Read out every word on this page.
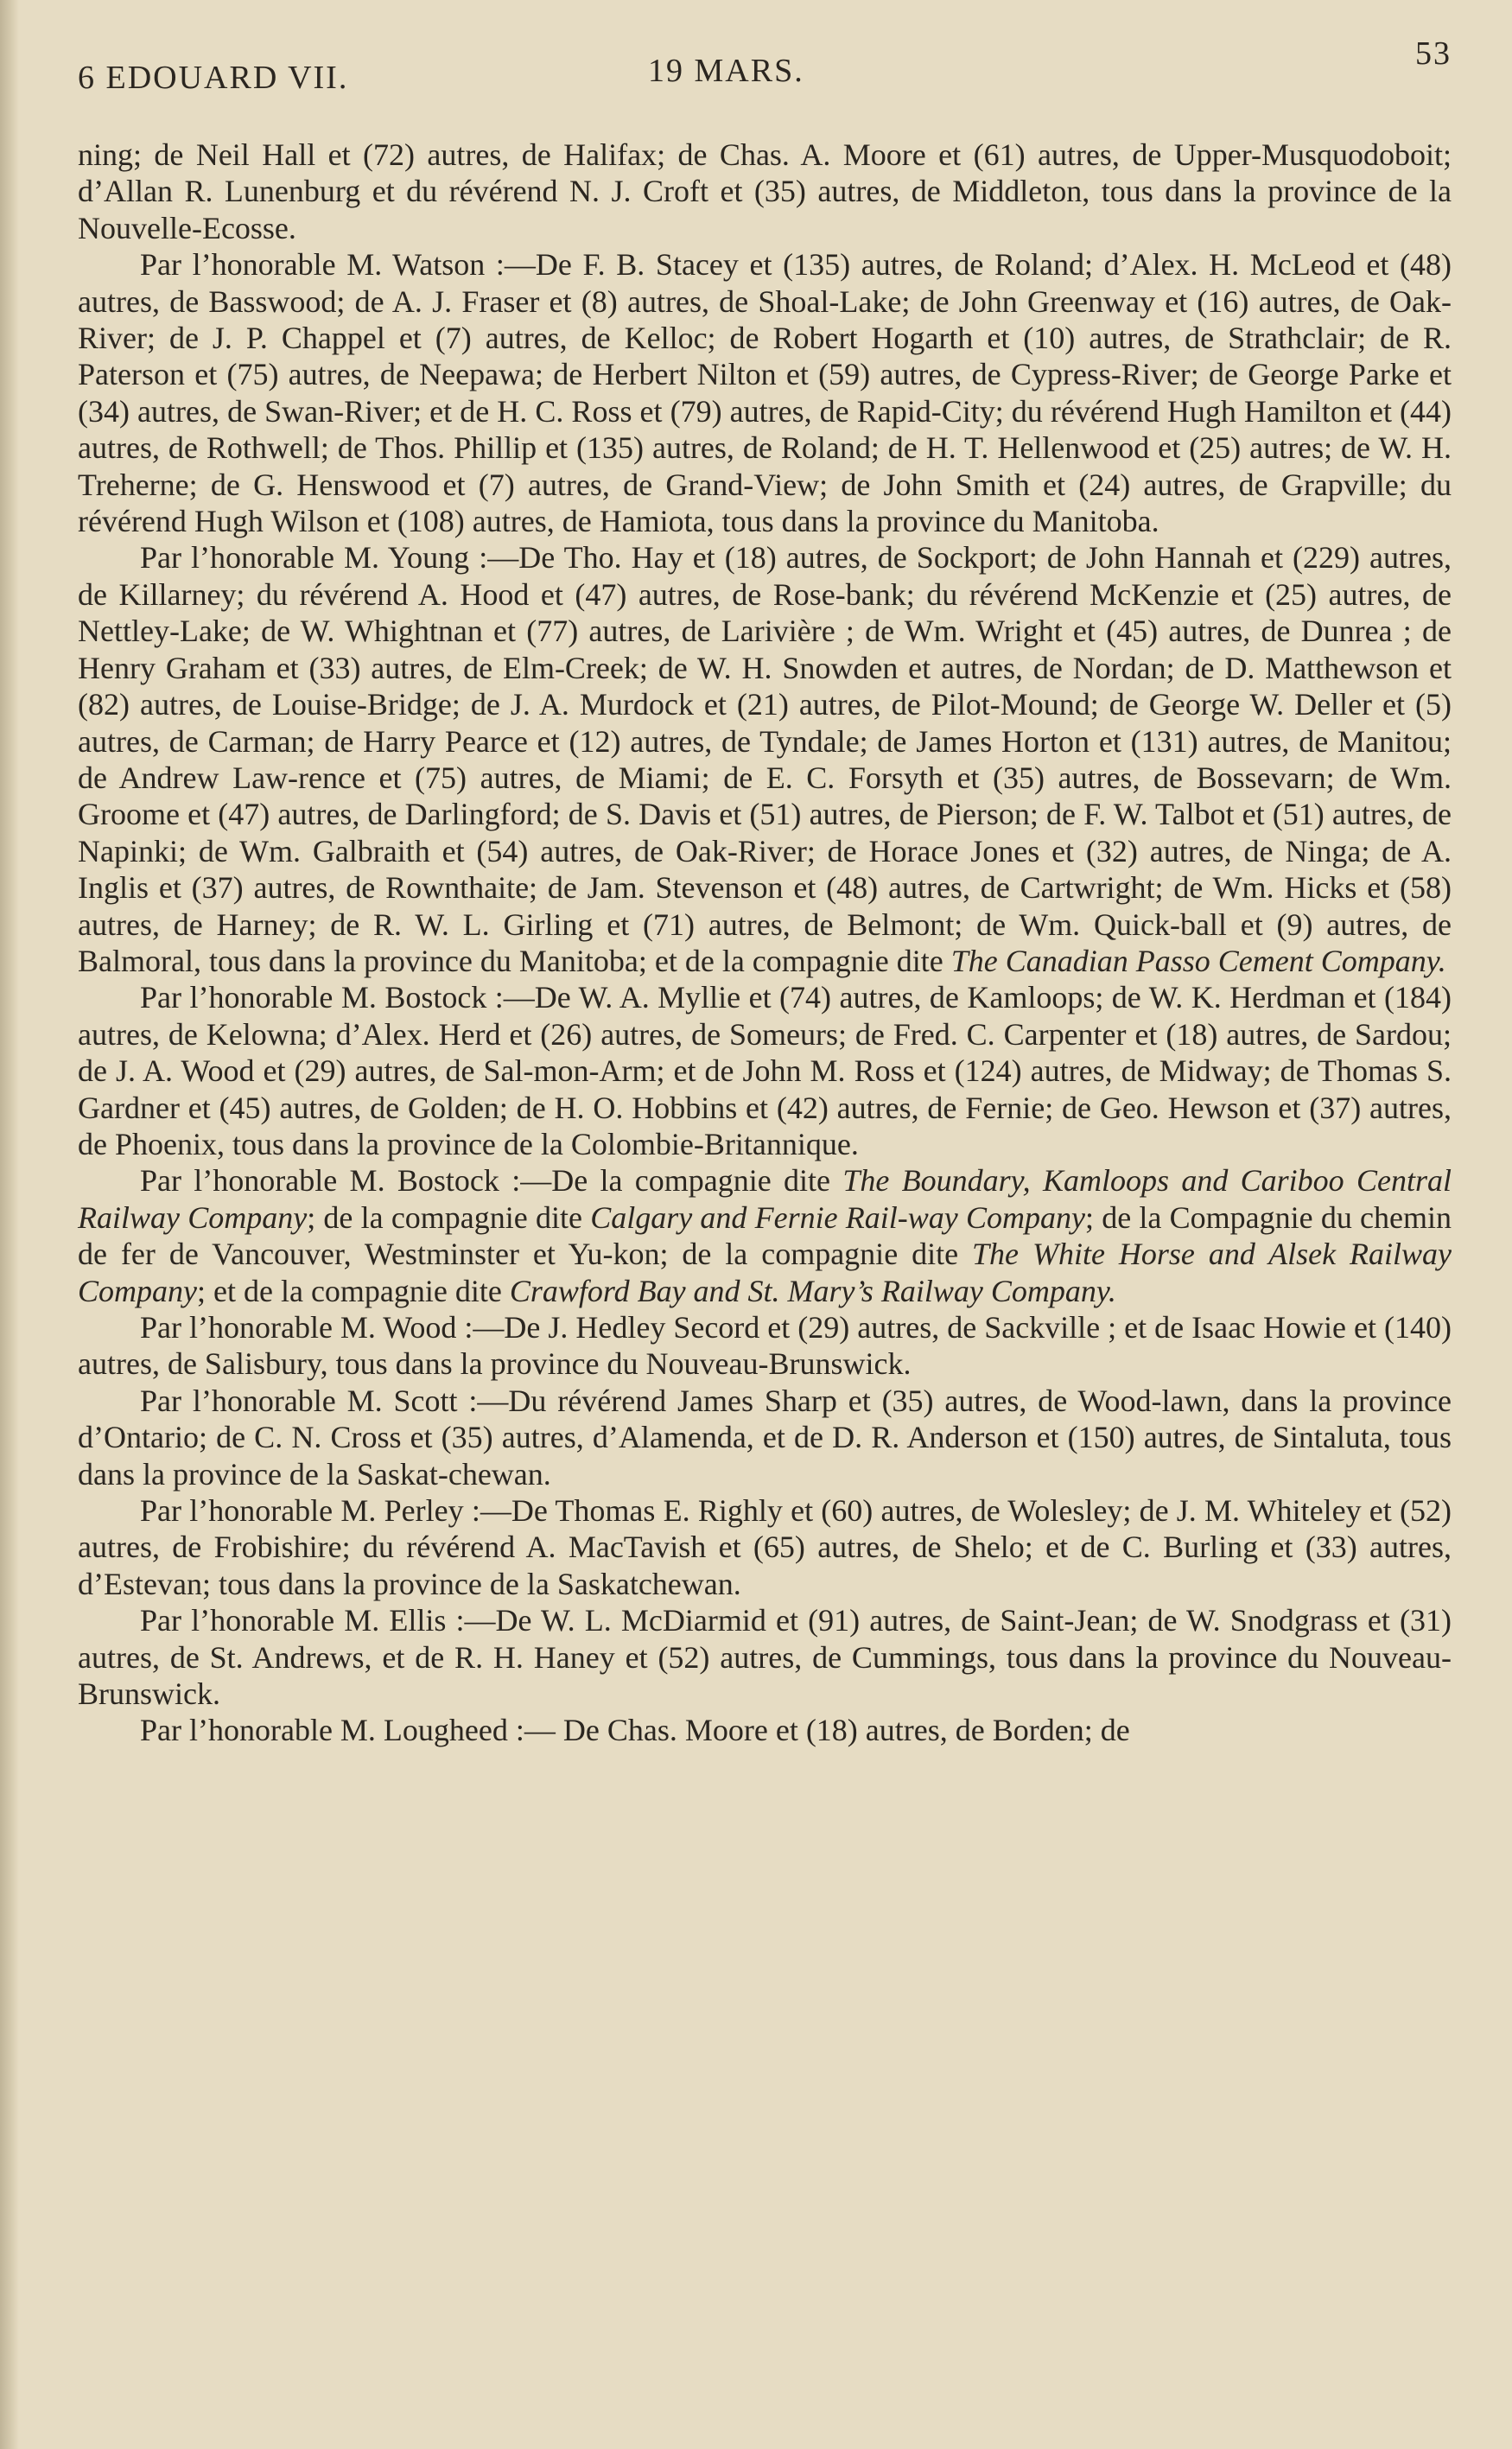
6 EDOUARD VII.	19 MARS.	53

ning; de Neil Hall et (72) autres, de Halifax; de Chas. A. Moore et (61) autres, de Upper-Musquodoboit; d’Allan R. Lunenburg et du révérend N. J. Croft et (35) autres, de Middleton, tous dans la province de la Nouvelle-Ecosse.

Par l’honorable M. Watson :—De F. B. Stacey et (135) autres, de Roland; d’Alex. H. McLeod et (48) autres, de Basswood; de A. J. Fraser et (8) autres, de Shoal-Lake; de John Greenway et (16) autres, de Oak-River; de J. P. Chappel et (7) autres, de Kelloc; de Robert Hogarth et (10) autres, de Strathclair; de R. Paterson et (75) autres, de Neepawa; de Herbert Nilton et (59) autres, de Cypress-River; de George Parke et (34) autres, de Swan-River; et de H. C. Ross et (79) autres, de Rapid-City; du révérend Hugh Hamilton et (44) autres, de Rothwell; de Thos. Phillip et (135) autres, de Roland; de H. T. Hellenwood et (25) autres; de W. H. Treherne; de G. Henswood et (7) autres, de Grand-View; de John Smith et (24) autres, de Grapville; du révérend Hugh Wilson et (108) autres, de Hamiota, tous dans la province du Manitoba.

Par l’honorable M. Young :—De Tho. Hay et (18) autres, de Sockport; de John Hannah et (229) autres, de Killarney; du révérend A. Hood et (47) autres, de Rose-bank; du révérend McKenzie et (25) autres, de Nettley-Lake; de W. Whightnan et (77) autres, de Larivière ; de Wm. Wright et (45) autres, de Dunrea ; de Henry Graham et (33) autres, de Elm-Creek; de W. H. Snowden et autres, de Nordan; de D. Matthewson et (82) autres, de Louise-Bridge; de J. A. Murdock et (21) autres, de Pilot-Mound; de George W. Deller et (5) autres, de Carman; de Harry Pearce et (12) autres, de Tyndale; de James Horton et (131) autres, de Manitou; de Andrew Law-rence et (75) autres, de Miami; de E. C. Forsyth et (35) autres, de Bossevarn; de Wm. Groome et (47) autres, de Darlingford; de S. Davis et (51) autres, de Pierson; de F. W. Talbot et (51) autres, de Napinki; de Wm. Galbraith et (54) autres, de Oak-River; de Horace Jones et (32) autres, de Ninga; de A. Inglis et (37) autres, de Rownthaite; de Jam. Stevenson et (48) autres, de Cartwright; de Wm. Hicks et (58) autres, de Harney; de R. W. L. Girling et (71) autres, de Belmont; de Wm. Quick-ball et (9) autres, de Balmoral, tous dans la province du Manitoba; et de la compagnie dite The Canadian Passo Cement Company.

Par l’honorable M. Bostock :—De W. A. Myllie et (74) autres, de Kamloops; de W. K. Herdman et (184) autres, de Kelowna; d’Alex. Herd et (26) autres, de Someurs; de Fred. C. Carpenter et (18) autres, de Sardou; de J. A. Wood et (29) autres, de Sal-mon-Arm; et de John M. Ross et (124) autres, de Midway; de Thomas S. Gardner et (45) autres, de Golden; de H. O. Hobbins et (42) autres, de Fernie; de Geo. Hewson et (37) autres, de Phoenix, tous dans la province de la Colombie-Britannique.

Par l’honorable M. Bostock :—De la compagnie dite The Boundary, Kamloops and Cariboo Central Railway Company; de la compagnie dite Calgary and Fernie Rail-way Company; de la Compagnie du chemin de fer de Vancouver, Westminster et Yu-kon; de la compagnie dite The White Horse and Alsek Railway Company; et de la compagnie dite Crawford Bay and St. Mary’s Railway Company.

Par l’honorable M. Wood :—De J. Hedley Secord et (29) autres, de Sackville ; et de Isaac Howie et (140) autres, de Salisbury, tous dans la province du Nouveau-Brunswick.

Par l’honorable M. Scott :—Du révérend James Sharp et (35) autres, de Wood-lawn, dans la province d’Ontario; de C. N. Cross et (35) autres, d’Alamenda, et de D. R. Anderson et (150) autres, de Sintaluta, tous dans la province de la Saskat-chewan.

Par l’honorable M. Perley :—De Thomas E. Righly et (60) autres, de Wolesley; de J. M. Whiteley et (52) autres, de Frobishire; du révérend A. MacTavish et (65) autres, de Shelo; et de C. Burling et (33) autres, d’Estevan; tous dans la province de la Saskatchewan.

Par l’honorable M. Ellis :—De W. L. McDiarmid et (91) autres, de Saint-Jean; de W. Snodgrass et (31) autres, de St. Andrews, et de R. H. Haney et (52) autres, de Cummings, tous dans la province du Nouveau-Brunswick.

Par l’honorable M. Lougheed :— De Chas. Moore et (18) autres, de Borden; de
